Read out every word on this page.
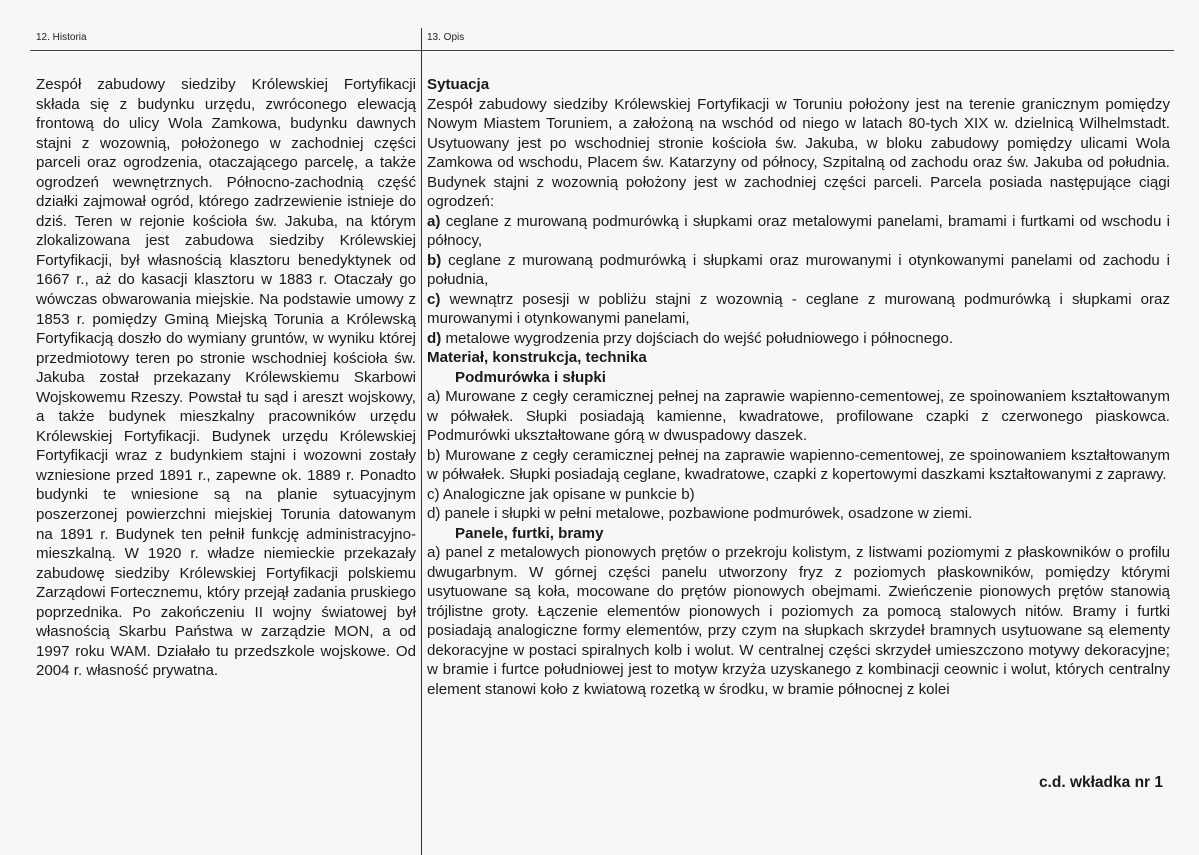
12. Historia	13. Opis
Zespół zabudowy siedziby Królewskiej Fortyfikacji składa się z budynku urzędu, zwróconego elewacją frontową do ulicy Wola Zamkowa, budynku dawnych stajni z wozownią, położonego w zachodniej części parceli oraz ogrodzenia, otaczającego parcelę, a także ogrodzeń wewnętrznych. Północno-zachodnią część działki zajmował ogród, którego zadrzewienie istnieje do dziś. Teren w rejonie kościoła św. Jakuba, na którym zlokalizowana jest zabudowa siedziby Królewskiej Fortyfikacji, był własnością klasztoru benedyktynek od 1667 r., aż do kasacji klasztoru w 1883 r. Otaczały go wówczas obwarowania miejskie. Na podstawie umowy z 1853 r. pomiędzy Gminą Miejską Torunia a Królewską Fortyfikacją doszło do wymiany gruntów, w wyniku której przedmiotowy teren po stronie wschodniej kościoła św. Jakuba został przekazany Królewskiemu Skarbowi Wojskowemu Rzeszy. Powstał tu sąd i areszt wojskowy, a także budynek mieszkalny pracowników urzędu Królewskiej Fortyfikacji. Budynek urzędu Królewskiej Fortyfikacji wraz z budynkiem stajni i wozowni zostały wzniesione przed 1891 r., zapewne ok. 1889 r. Ponadto budynki te wniesione są na planie sytuacyjnym poszerzonej powierzchni miejskiej Torunia datowanym na 1891 r. Budynek ten pełnił funkcję administracyjno-mieszkalną. W 1920 r. władze niemieckie przekazały zabudowę siedziby Królewskiej Fortyfikacji polskiemu Zarządowi Fortecznemu, który przejął zadania pruskiego poprzednika. Po zakończeniu II wojny światowej był własnością Skarbu Państwa w zarządzie MON, a od 1997 roku WAM. Działało tu przedszkole wojskowe. Od 2004 r. własność prywatna.

Sytuacja

Zespół zabudowy siedziby Królewskiej Fortyfikacji w Toruniu położony jest na terenie granicznym pomiędzy Nowym Miastem Toruniem, a założoną na wschód od niego w latach 80-tych XIX w. dzielnicą Wilhelmstadt. Usytuowany jest po wschodniej stronie kościoła św. Jakuba, w bloku zabudowy pomiędzy ulicami Wola Zamkowa od wschodu, Placem św. Katarzyny od północy, Szpitalną od zachodu oraz św. Jakuba od południa. Budynek stajni z wozownią położony jest w zachodniej części parceli. Parcela posiada następujące ciągi ogrodzeń:

a) ceglane z murowaną podmurówką i słupkami oraz metalowymi panelami, bramami i furtkami od wschodu i północy,

b) ceglane z murowaną podmurówką i słupkami oraz murowanymi i otynkowanymi panelami od zachodu i południa,

c) wewnątrz posesji w pobliżu stajni z wozownią - ceglane z murowaną podmurówką i słupkami oraz murowanymi i otynkowanymi panelami,

d) metalowe wygrodzenia przy dojściach do wejść południowego i północnego.

Materiał, konstrukcja, technika

Podmurówka i słupki

a) Murowane z cegły ceramicznej pełnej na zaprawie wapienno-cementowej, ze spoinowaniem kształtowanym w półwałek. Słupki posiadają kamienne, kwadratowe, profilowane czapki z czerwonego piaskowca. Podmurówki ukształtowane górą w dwuspadowy daszek.

b) Murowane z cegły ceramicznej pełnej na zaprawie wapienno-cementowej, ze spoinowaniem kształtowanym w półwałek. Słupki posiadają ceglane, kwadratowe, czapki z kopertowymi daszkami kształtowanymi z zaprawy.

c) Analogiczne jak opisane w punkcie b)

d) panele i słupki w pełni metalowe, pozbawione podmurówek, osadzone w ziemi.

Panele, furtki, bramy

a) panel z metalowych pionowych prętów o przekroju kolistym, z listwami poziomymi z płaskowników o profilu dwugarbnym. W górnej części panelu utworzony fryz z poziomych płaskowników, pomiędzy którymi usytuowane są koła, mocowane do prętów pionowych obejmami. Zwieńczenie pionowych prętów stanowią trójlistne groty. Łączenie elementów pionowych i poziomych za pomocą stalowych nitów. Bramy i furtki posiadają analogiczne formy elementów, przy czym na słupkach skrzydeł bramnych usytuowane są elementy dekoracyjne w postaci spiralnych kolb i wolut. W centralnej części skrzydeł umieszczono motywy dekoracyjne; w bramie i furtce południowej jest to motyw krzyża uzyskanego z kombinacji ceownic i wolut, których centralny element stanowi koło z kwiatową rozetką w środku, w bramie północnej z kolei

c.d. wkładka nr 1
